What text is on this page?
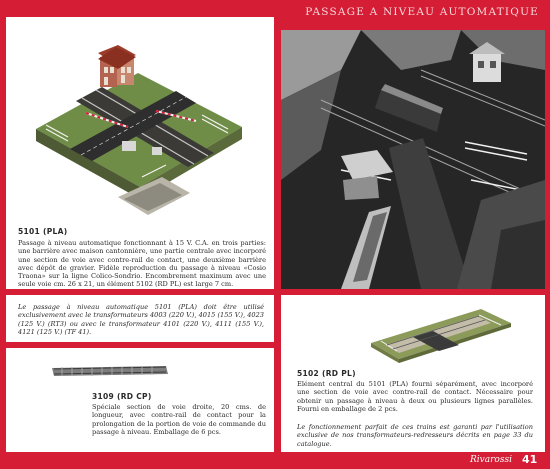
PASSAGE A NIVEAU AUTOMATIQUE
5101 (PLA)
Passage à niveau automatique fonctionnant à 15 V. C.A. en trois parties: une barrière avec maison cantonnière, une partie centrale avec incorporé une section de voie avec contre-rail de contact, une deuxième barrière avec dépôt de gravier. Fidèle reproduction du passage à niveau «Cosio Traona» sur la ligne Colico-Sondrio. Encombrement maximum avec une seule voie cm. 26 x 21, un élément 5102 (RD PL) est large 7 cm.
Le passage à niveau automatique 5101 (PLA) doit être utilisé exclusivement avec le transformateurs 4003 (220 V.), 4015 (155 V.), 4023 (125 V.) (RT3) ou avec le transformateur 4101 (220 V.), 4111 (155 V.), 4121 (125 V.) (TF 41).
3109 (RD CP)
Spéciale section de voie droite, 20 cms. de longueur, avec contre-rail de contact pour la prolongation de la portion de voie de commande du passage à niveau. Emballage de 6 pcs.
5102 (RD PL)
Elément central du 5101 (PLA) fourni séparément, avec incorporé une section de voie avec contre-rail de contact. Nécessaire pour obtenir un passage à niveau à deux ou plusieurs lignes parallèles. Fourni en emballage de 2 pcs.
Le fonctionnement parfait de ces trains est garanti par l'utilisation exclusive de nos transformateurs-redresseurs décrits en page 33 du catalogue.
Rivarossi 41
